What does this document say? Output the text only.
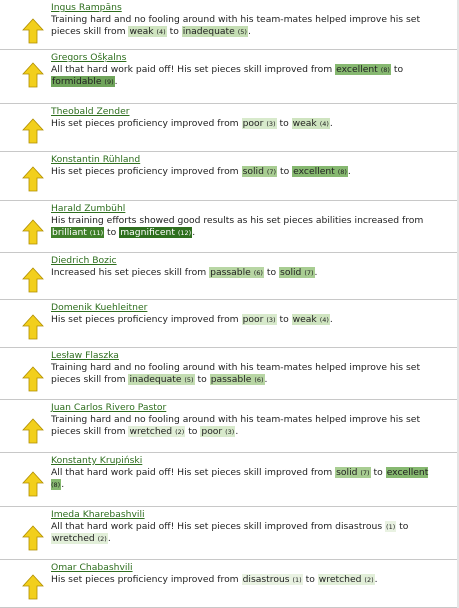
Ingus Rampāns

Training hard and no fooling around with his team-mates helped improve his set pieces skill from weak (4) to inadequate (5).

Gregors Ošķalns

All that hard work paid off! His set pieces skill improved from excellent (8) to formidable (9).

Theobald Zender

His set pieces proficiency improved from poor (3) to weak (4).

Konstantin Rühland

His set pieces proficiency improved from solid (7) to excellent (8).

Harald Zumbühl

His training efforts showed good results as his set pieces abilities increased from brilliant (11) to magnificent (12).

Diedrich Bozic

Increased his set pieces skill from passable (6) to solid (7).

Domenik Kuehleitner

His set pieces proficiency improved from poor (3) to weak (4).

Lesław Flaszka

Training hard and no fooling around with his team-mates helped improve his set pieces skill from inadequate (5) to passable (6).

Juan Carlos Rivero Pastor

Training hard and no fooling around with his team-mates helped improve his set pieces skill from wretched (2) to poor (3).

Konstanty Krupiński

All that hard work paid off! His set pieces skill improved from solid (7) to excellent (8).

Imeda Kharebashvili

All that hard work paid off! His set pieces skill improved from disastrous (1) to wretched (2).

Omar Chabashvili

His set pieces proficiency improved from disastrous (1) to wretched (2).
